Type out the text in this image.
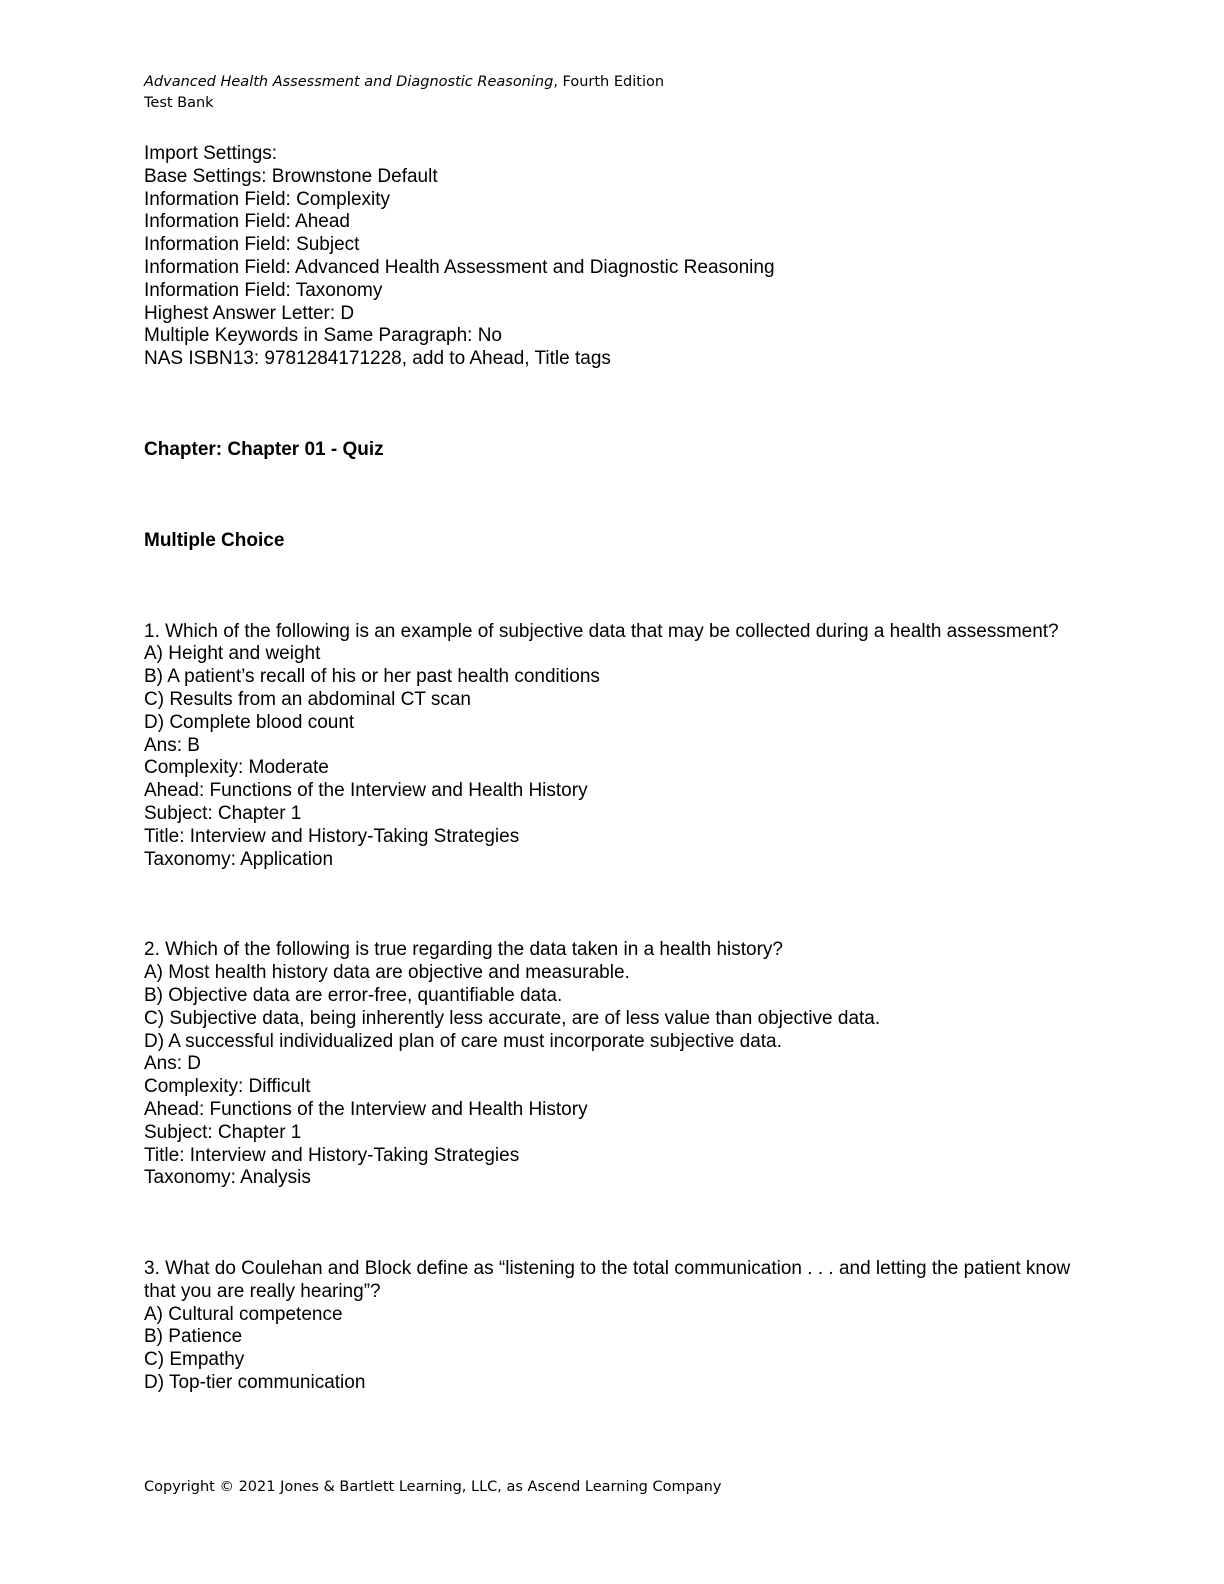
Advanced Health Assessment and Diagnostic Reasoning, Fourth Edition
Test Bank
Import Settings:
Base Settings: Brownstone Default
Information Field: Complexity
Information Field: Ahead
Information Field: Subject
Information Field: Advanced Health Assessment and Diagnostic Reasoning
Information Field: Taxonomy
Highest Answer Letter: D
Multiple Keywords in Same Paragraph: No
NAS ISBN13: 9781284171228, add to Ahead, Title tags
Chapter: Chapter 01 - Quiz
Multiple Choice
1. Which of the following is an example of subjective data that may be collected during a health assessment?
A) Height and weight
B) A patient’s recall of his or her past health conditions
C) Results from an abdominal CT scan
D) Complete blood count
Ans: B
Complexity: Moderate
Ahead: Functions of the Interview and Health History
Subject: Chapter 1
Title: Interview and History-Taking Strategies
Taxonomy: Application
2. Which of the following is true regarding the data taken in a health history?
A) Most health history data are objective and measurable.
B) Objective data are error-free, quantifiable data.
C) Subjective data, being inherently less accurate, are of less value than objective data.
D) A successful individualized plan of care must incorporate subjective data.
Ans: D
Complexity: Difficult
Ahead: Functions of the Interview and Health History
Subject: Chapter 1
Title: Interview and History-Taking Strategies
Taxonomy: Analysis
3. What do Coulehan and Block define as “listening to the total communication . . . and letting the patient know that you are really hearing”?
A) Cultural competence
B) Patience
C) Empathy
D) Top-tier communication
Copyright © 2021 Jones & Bartlett Learning, LLC, as Ascend Learning Company
